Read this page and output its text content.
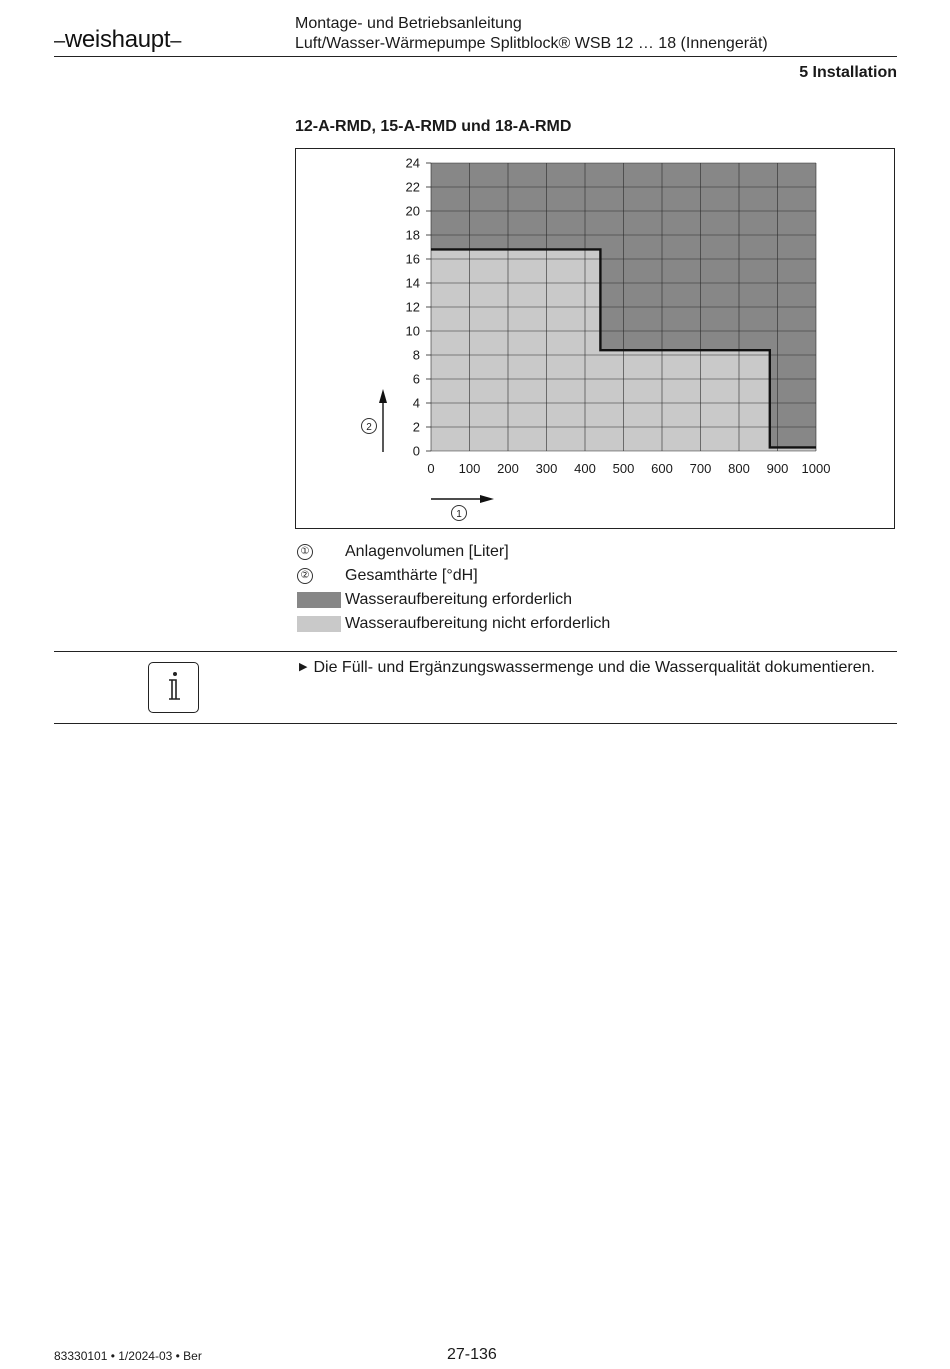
–weishaupt–
Montage- und Betriebsanleitung
Luft/Wasser-Wärmepumpe Splitblock® WSB 12 … 18 (Innengerät)
5 Installation
12-A-RMD, 15-A-RMD und 18-A-RMD
0
2
4
6
8
10
12
14
16
18
20
22
24
0 100 200 300 400 500 600 700 800 900 1000
1
2
① Anlagenvolumen [Liter]
② Gesamthärte [°dH]
Wasseraufbereitung erforderlich
Wasseraufbereitung nicht erforderlich
▶ Die Füll- und Ergänzungswassermenge und die Wasserqualität dokumentieren.
83330101 • 1/2024-03 • Ber	27-136
